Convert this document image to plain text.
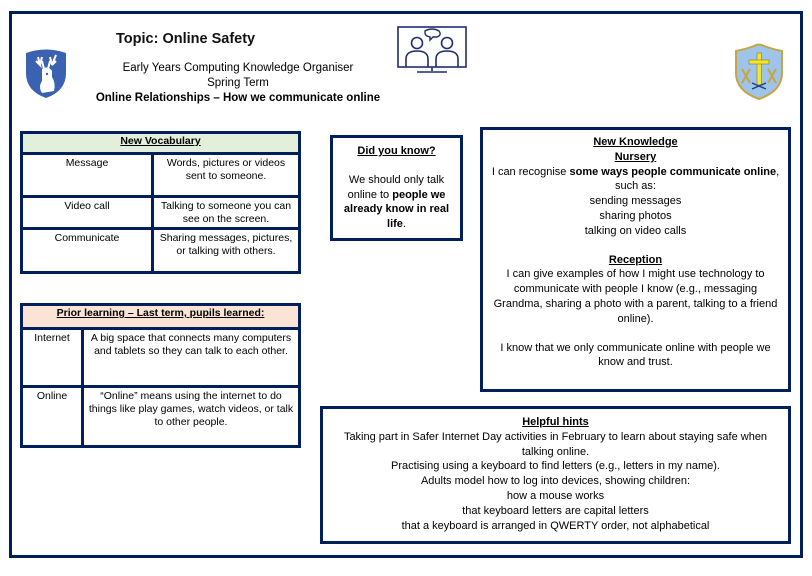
Topic: Online Safety
Early Years Computing Knowledge Organiser
Spring Term
Online Relationships – How we communicate online
New Vocabulary	
Message	Words, pictures or videos sent to someone.
Video call	Talking to someone you can see on the screen.
Communicate	Sharing messages, pictures, or talking with others.
Prior learning – Last term, pupils learned:	
Internet	A big space that connects many computers and tablets so they can talk to each other.
Online	“Online” means using the internet to do things like play games, watch videos, or talk to other people.
Did you know?
We should only talk online to people we already know in real life.
New Knowledge
Nursery
I can recognise some ways people communicate online,
such as:
sending messages
sharing photos
talking on video calls
Reception
I can give examples of how I might use technology to communicate with people I know (e.g., messaging Grandma, sharing a photo with a parent, talking to a friend online).
I know that we only communicate online with people we know and trust.
Helpful hints
Taking part in Safer Internet Day activities in February to learn about staying safe when talking online.
Practising using a keyboard to find letters (e.g., letters in my name).
Adults model how to log into devices, showing children:
how a mouse works
that keyboard letters are capital letters
that a keyboard is arranged in QWERTY order, not alphabetical
